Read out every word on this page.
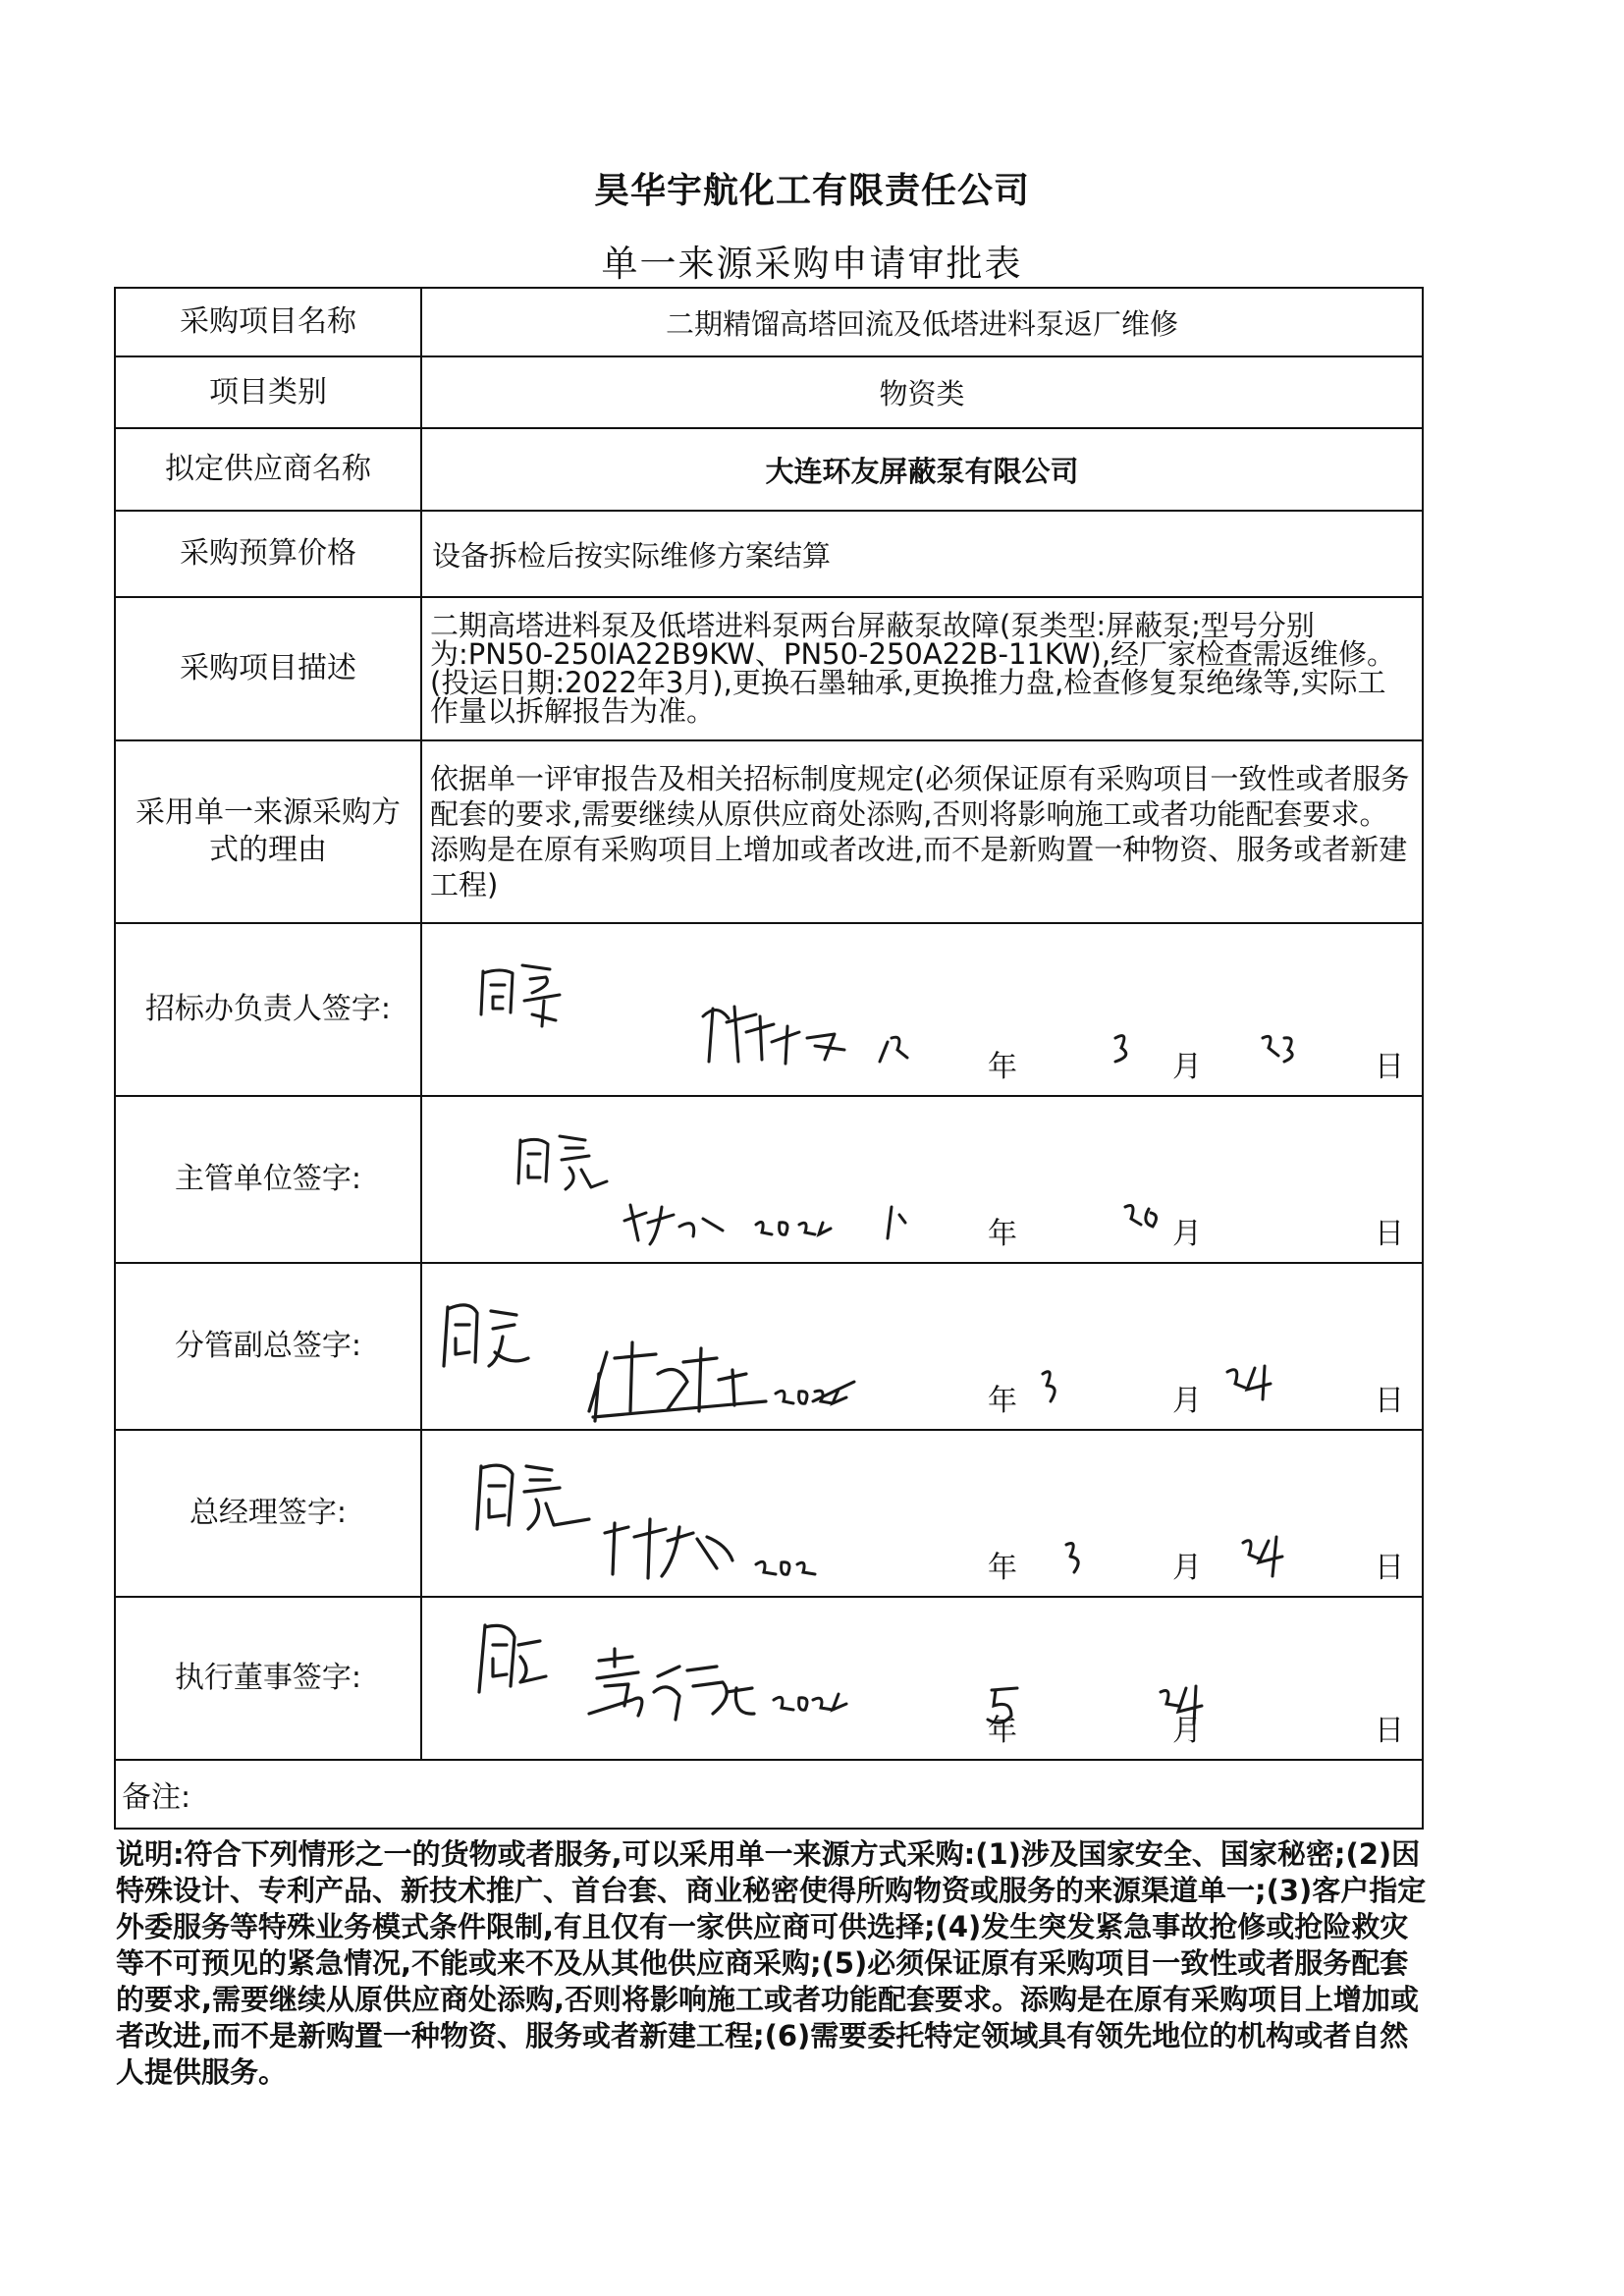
昊华宇航化工有限责任公司
单一来源采购申请审批表
采购项目名称	二期精馏高塔回流及低塔进料泵返厂维修
项目类别	物资类
拟定供应商名称	大连环友屏蔽泵有限公司
采购预算价格	设备拆检后按实际维修方案结算
采购项目描述	二期高塔进料泵及低塔进料泵两台屏蔽泵故障(泵类型:屏蔽泵;型号分别为:PN50-250IA22B9KW、PN50-250A22B-11KW),经厂家检查需返维修。(投运日期:2022年3月),更换石墨轴承,更换推力盘,检查修复泵绝缘等,实际工作量以拆解报告为准。
采用单一来源采购方式的理由	依据单一评审报告及相关招标制度规定(必须保证原有采购项目一致性或者服务配套的要求,需要继续从原供应商处添购,否则将影响施工或者功能配套要求。添购是在原有采购项目上增加或者改进,而不是新购置一种物资、服务或者新建工程)
招标办负责人签字:	年 月 日

主管单位签字:	年 月 日

分管副总签字:	年 月 日

总经理签字:	年 月 日

执行董事签字:	年 月 日

备注:	
说明:符合下列情形之一的货物或者服务,可以采用单一来源方式采购:(1)涉及国家安全、国家秘密;(2)因特殊设计、专利产品、新技术推广、首台套、商业秘密使得所购物资或服务的来源渠道单一;(3)客户指定外委服务等特殊业务模式条件限制,有且仅有一家供应商可供选择;(4)发生突发紧急事故抢修或抢险救灾等不可预见的紧急情况,不能或来不及从其他供应商采购;(5)必须保证原有采购项目一致性或者服务配套的要求,需要继续从原供应商处添购,否则将影响施工或者功能配套要求。添购是在原有采购项目上增加或者改进,而不是新购置一种物资、服务或者新建工程;(6)需要委托特定领域具有领先地位的机构或者自然人提供服务。
